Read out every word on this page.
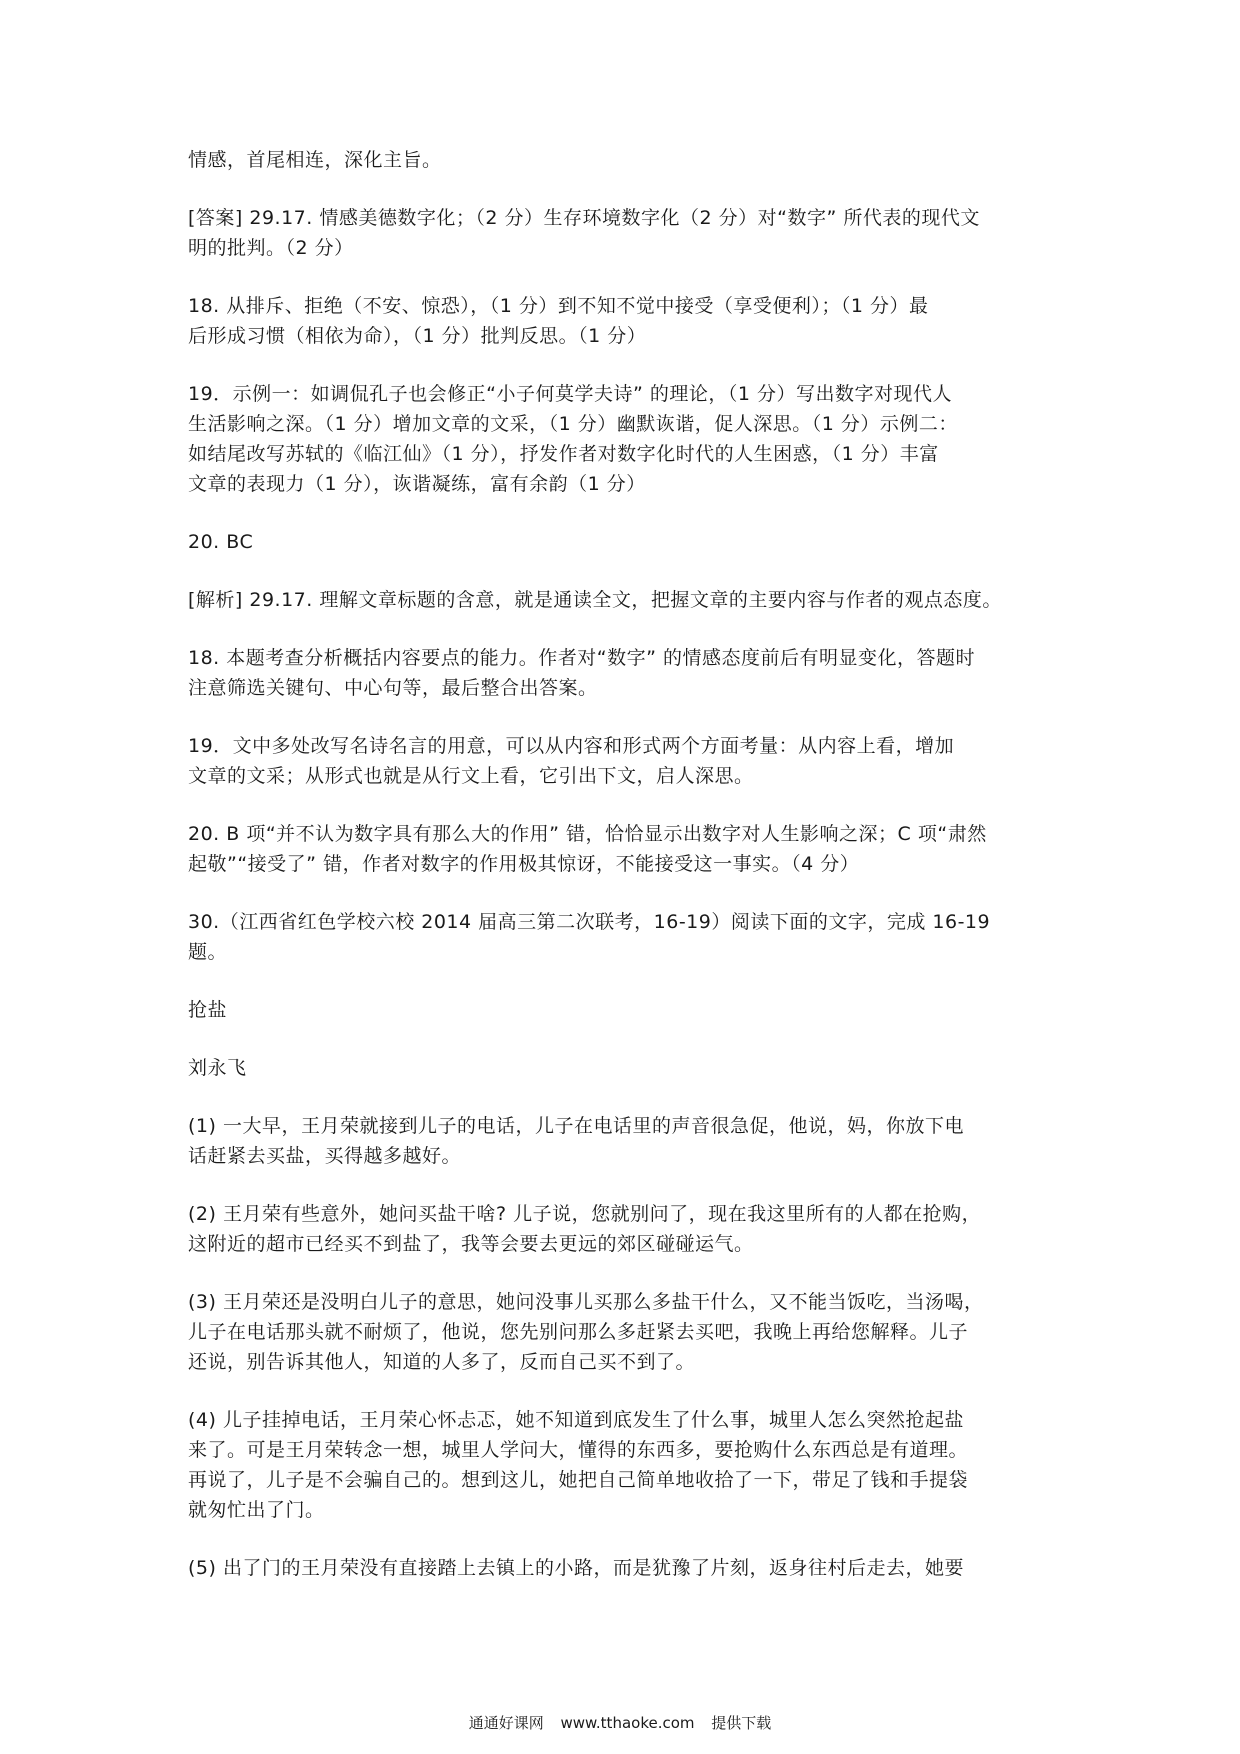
情感，首尾相连，深化主旨。
[答案] 29.17. 情感美德数字化；（2 分）生存环境数字化（2 分）对“数字” 所代表的现代文
明的批判。（2 分）
18. 从排斥、拒绝（不安、惊恐），（1 分）到不知不觉中接受（享受便利）；（1 分）最
后形成习惯（相依为命），（1 分）批判反思。（1 分）
19．示例一：如调侃孔子也会修正“小子何莫学夫诗” 的理论，（1 分）写出数字对现代人
生活影响之深。（1 分）增加文章的文采，（1 分）幽默诙谐，促人深思。（1 分）示例二：
如结尾改写苏轼的《临江仙》（1 分），抒发作者对数字化时代的人生困惑，（1 分）丰富
文章的表现力（1 分），诙谐凝练，富有余韵（1 分）
20. BC
[解析] 29.17. 理解文章标题的含意，就是通读全文，把握文章的主要内容与作者的观点态度。
18. 本题考查分析概括内容要点的能力。作者对“数字” 的情感态度前后有明显变化，答题时
注意筛选关键句、中心句等，最后整合出答案。
19．文中多处改写名诗名言的用意，可以从内容和形式两个方面考量：从内容上看，增加
文章的文采；从形式也就是从行文上看，它引出下文，启人深思。
20. B 项“并不认为数字具有那么大的作用” 错，恰恰显示出数字对人生影响之深；C 项“肃然
起敬”“接受了” 错，作者对数字的作用极其惊讶，不能接受这一事实。（4 分）
30.（江西省红色学校六校 2014 届高三第二次联考，16-19）阅读下面的文字，完成 16-19
题。
抢盐
刘永飞
(1) 一大早，王月荣就接到儿子的电话，儿子在电话里的声音很急促，他说，妈，你放下电
话赶紧去买盐，买得越多越好。
(2) 王月荣有些意外，她问买盐干啥? 儿子说，您就别问了，现在我这里所有的人都在抢购，
这附近的超市已经买不到盐了，我等会要去更远的郊区碰碰运气。
(3) 王月荣还是没明白儿子的意思，她问没事儿买那么多盐干什么，又不能当饭吃，当汤喝，
儿子在电话那头就不耐烦了，他说，您先别问那么多赶紧去买吧，我晚上再给您解释。儿子
还说，别告诉其他人，知道的人多了，反而自己买不到了。
(4) 儿子挂掉电话，王月荣心怀忐忑，她不知道到底发生了什么事，城里人怎么突然抢起盐
来了。可是王月荣转念一想，城里人学问大，懂得的东西多，要抢购什么东西总是有道理。
再说了，儿子是不会骗自己的。想到这儿，她把自己简单地收拾了一下，带足了钱和手提袋
就匆忙出了门。
(5) 出了门的王月荣没有直接踏上去镇上的小路，而是犹豫了片刻，返身往村后走去，她要
通通好课网 www.tthaoke.com 提供下载
